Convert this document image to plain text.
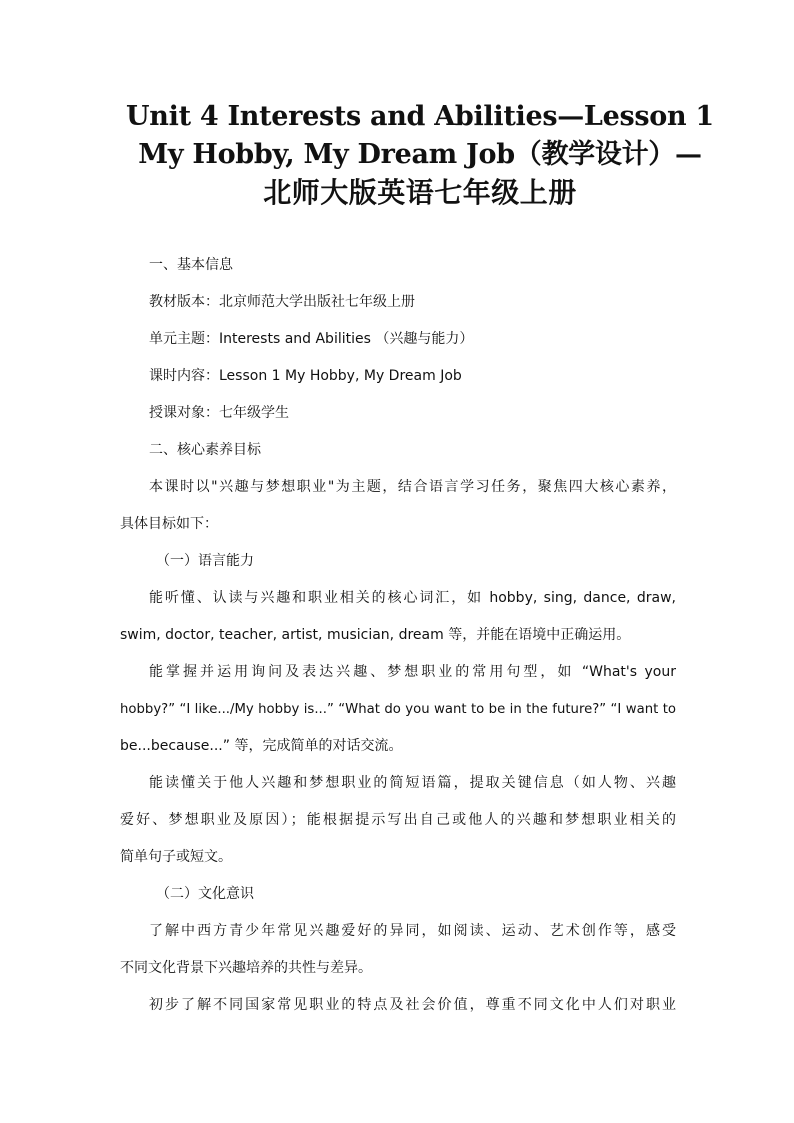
Unit 4 Interests and Abilities—Lesson 1
My Hobby, My Dream Job（教学设计）—
北师大版英语七年级上册

一、基本信息

教材版本：北京师范大学出版社七年级上册

单元主题：Interests and Abilities （兴趣与能力）

课时内容：Lesson 1 My Hobby, My Dream Job

授课对象：七年级学生

二、核心素养目标

本课时以"兴趣与梦想职业"为主题，结合语言学习任务，聚焦四大核心素养，

具体目标如下：

（一）语言能力

能听懂、认读与兴趣和职业相关的核心词汇，如 hobby, sing, dance, draw,

swim, doctor, teacher, artist, musician, dream 等，并能在语境中正确运用。

能掌握并运用询问及表达兴趣、梦想职业的常用句型，如 “What's your

hobby?” “I like.../My hobby is...” “What do you want to be in the future?” “I want to

be...because...” 等，完成简单的对话交流。

能读懂关于他人兴趣和梦想职业的简短语篇，提取关键信息（如人物、兴趣

爱好、梦想职业及原因）；能根据提示写出自己或他人的兴趣和梦想职业相关的

简单句子或短文。

（二）文化意识

了解中西方青少年常见兴趣爱好的异同，如阅读、运动、艺术创作等，感受

不同文化背景下兴趣培养的共性与差异。

初步了解不同国家常见职业的特点及社会价值，尊重不同文化中人们对职业
